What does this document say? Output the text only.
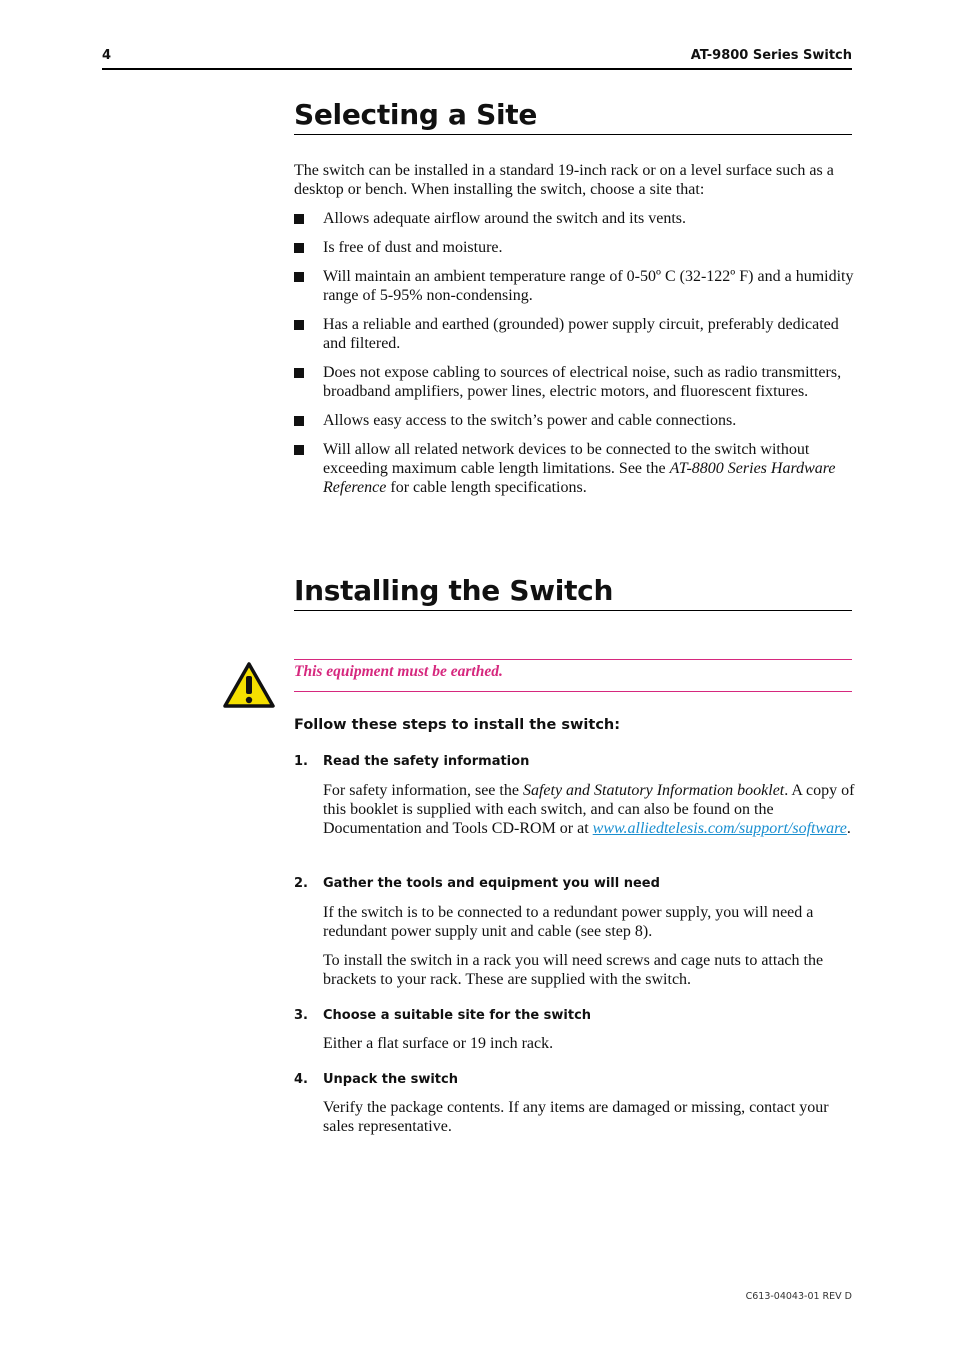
4	AT-9800 Series Switch
Selecting a Site
The switch can be installed in a standard 19-inch rack or on a level surface such as a desktop or bench. When installing the switch, choose a site that:
Allows adequate airflow around the switch and its vents.
Is free of dust and moisture.
Will maintain an ambient temperature range of 0-50º C (32-122º F) and a humidity range of 5-95% non-condensing.
Has a reliable and earthed (grounded) power supply circuit, preferably dedicated and filtered.
Does not expose cabling to sources of electrical noise, such as radio transmitters, broadband amplifiers, power lines, electric motors, and fluorescent fixtures.
Allows easy access to the switch’s power and cable connections.
Will allow all related network devices to be connected to the switch without exceeding maximum cable length limitations. See the AT-8800 Series Hardware Reference for cable length specifications.
Installing the Switch
This equipment must be earthed.
Follow these steps to install the switch:
1. Read the safety information

For safety information, see the Safety and Statutory Information booklet. A copy of this booklet is supplied with each switch, and can also be found on the Documentation and Tools CD-ROM or at www.alliedtelesis.com/support/software.

2. Gather the tools and equipment you will need

If the switch is to be connected to a redundant power supply, you will need a redundant power supply unit and cable (see step 8).

To install the switch in a rack you will need screws and cage nuts to attach the brackets to your rack. These are supplied with the switch.

3. Choose a suitable site for the switch

Either a flat surface or 19 inch rack.

4. Unpack the switch

Verify the package contents. If any items are damaged or missing, contact your sales representative.

C613-04043-01 REV D
